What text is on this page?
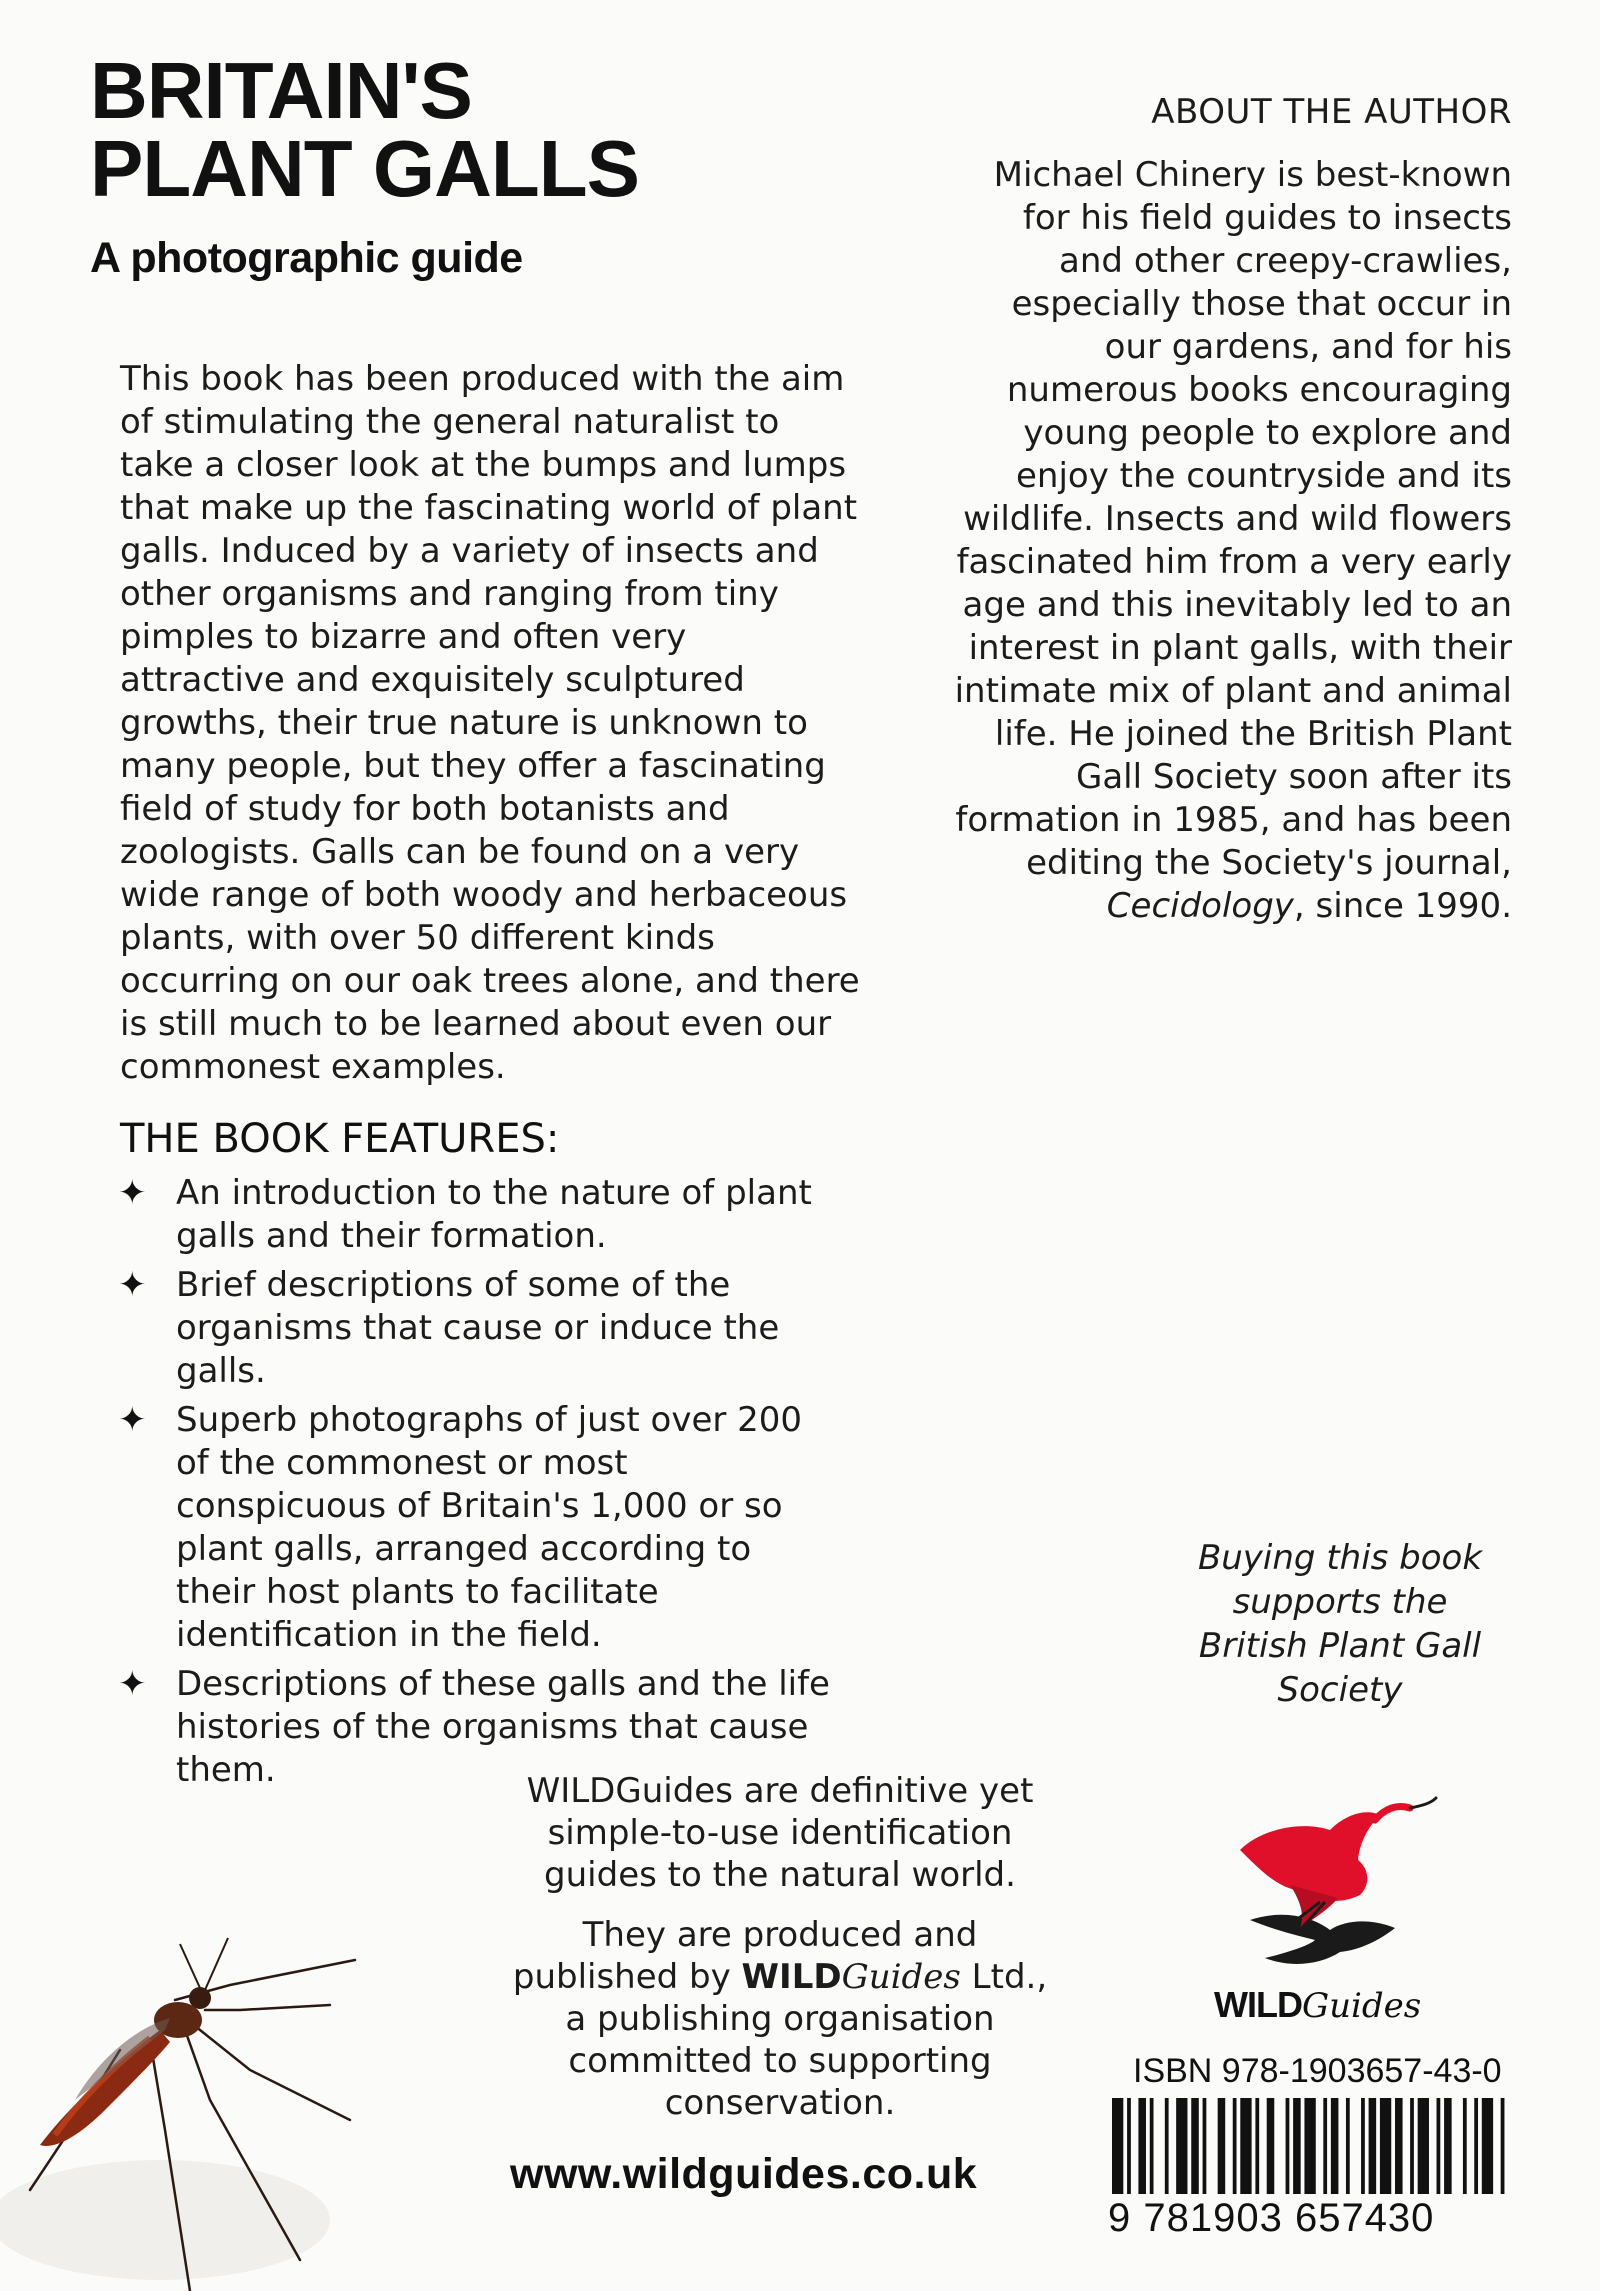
BRITAIN'S
PLANT GALLS

A photographic guide

This book has been produced with the aim of stimulating the general naturalist to take a closer look at the bumps and lumps that make up the fascinating world of plant galls. Induced by a variety of insects and other organisms and ranging from tiny pimples to bizarre and often very attractive and exquisitely sculptured growths, their true nature is unknown to many people, but they offer a fascinating field of study for both botanists and zoologists. Galls can be found on a very wide range of both woody and herbaceous plants, with over 50 different kinds occurring on our oak trees alone, and there is still much to be learned about even our commonest examples.

ABOUT THE AUTHOR

Michael Chinery is best-known for his field guides to insects and other creepy-crawlies, especially those that occur in our gardens, and for his numerous books encouraging young people to explore and enjoy the countryside and its wildlife. Insects and wild flowers fascinated him from a very early age and this inevitably led to an interest in plant galls, with their intimate mix of plant and animal life. He joined the British Plant Gall Society soon after its formation in 1985, and has been editing the Society's journal, Cecidology, since 1990.

THE BOOK FEATURES:
✦ An introduction to the nature of plant galls and their formation.
✦ Brief descriptions of some of the organisms that cause or induce the galls.
✦ Superb photographs of just over 200 of the commonest or most conspicuous of Britain's 1,000 or so plant galls, arranged according to their host plants to facilitate identification in the field.
✦ Descriptions of these galls and the life histories of the organisms that cause them.

Buying this book supports the British Plant Gall Society

WILDGuides are definitive yet simple-to-use identification guides to the natural world.

They are produced and published by WILDGuides Ltd., a publishing organisation committed to supporting conservation.

www.wildguides.co.uk

WILDGuides

ISBN 978-1903657-43-0

9 781903 657430
